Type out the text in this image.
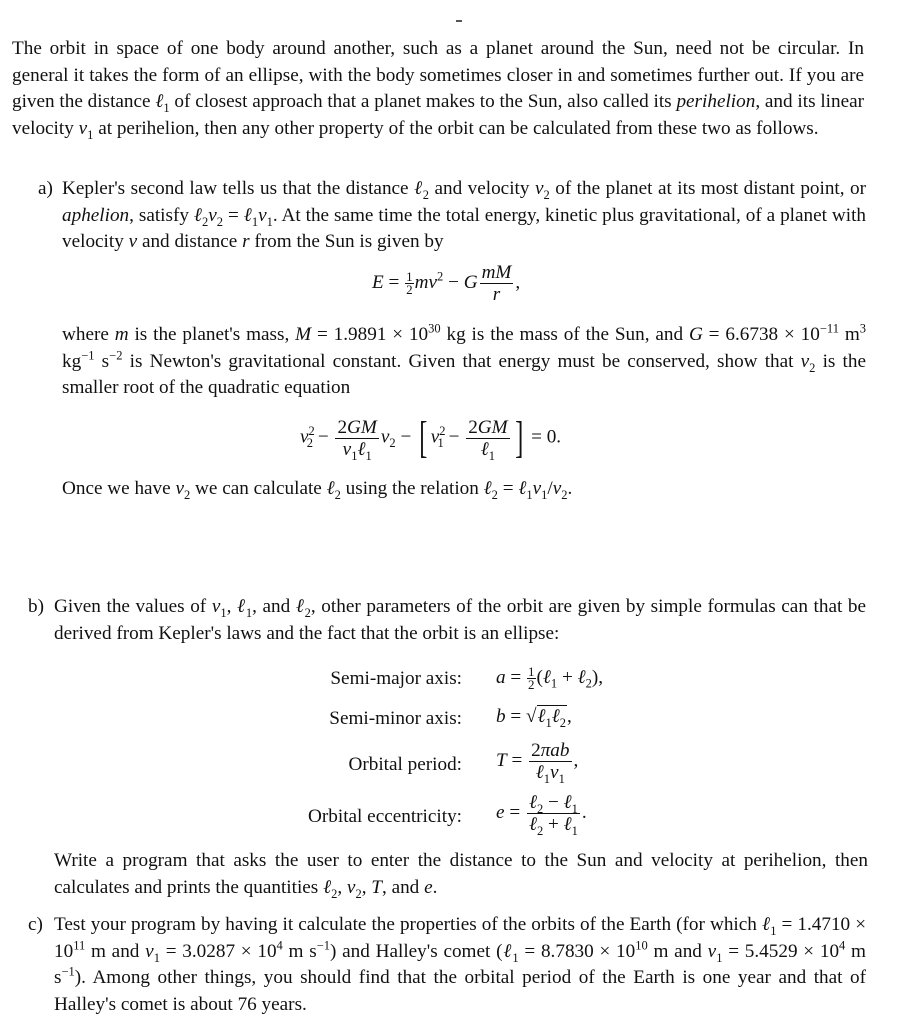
The orbit in space of one body around another, such as a planet around the Sun, need not be circular. In general it takes the form of an ellipse, with the body sometimes closer in and sometimes further out. If you are given the distance ℓ$_1$ of closest approach that a planet makes to the Sun, also called its perihelion, and its linear velocity $v_1$ at perihelion, then any other property of the orbit can be calculated from these two as follows.
a) Kepler's second law tells us that the distance ℓ$_2$ and velocity $v_2$ of the planet at its most distant point, or aphelion, satisfy $\ell_2v_2$ = $\ell_1v_1$. At the same time the total energy, kinetic plus gravitational, of a planet with velocity v and distance r from the Sun is given by
$E = \frac{1}{2} mv^2 - G \frac{mM}{r}$ ,
where m is the planet's mass, $M = 1.9891 \times 10^{30}$ kg is the mass of the Sun, and $G = 6.6738 \times 10^{-11}$ $m^3$ $kg^{-1}$ $s^{-2}$ is Newton's gravitational constant. Given that energy must be conserved, show that $v_2$ is the smaller root of the quadratic equation
$v^2_2 - \frac{2GM}{v_1\ell_1} v_2$ − [ $v^2_1 - \frac{2GM}{\ell_1}$ ] = 0.
Once we have $v_2$ we can calculate ℓ$_2$ using the relation ℓ$_2$ = $\ell_1v_1/v_2$.
b) Given the values of $v_1$, ℓ$_1$, and ℓ$_2$, other parameters of the orbit are given by simple formulas can that be derived from Kepler's laws and the fact that the orbit is an ellipse:
Semi-major axis: $a = \frac{1}{2}$ (ℓ$_1$ + ℓ$_2$),
Semi-minor axis: b = √ℓ$_1$ℓ$_2$,
Orbital period: $T = \frac{\text{2πab}}{\ell_1v_1}$ ,
Orbital eccentricity: $e = \frac{\ell_2 - \ell_1}{\ell_2 + \ell_1}$ .
Write a program that asks the user to enter the distance to the Sun and velocity at perihelion, then calculates and prints the quantities ℓ$_2$, $v_2$, T, and e.
c) Test your program by having it calculate the properties of the orbits of the Earth (for which ℓ$_1$ = $1.4710 \times 10^{11}$ m and $v_1 = 3.0287 \times 10^4$ m $s^{-1}$) and Halley's comet (ℓ$_1$ = $8.7830 \times 10^{10}$ m and $v_1 = 5.4529 \times 10^4$ m $s^{-1}$). Among other things, you should find that the orbital period of the Earth is one year and that of Halley's comet is about 76 years.
